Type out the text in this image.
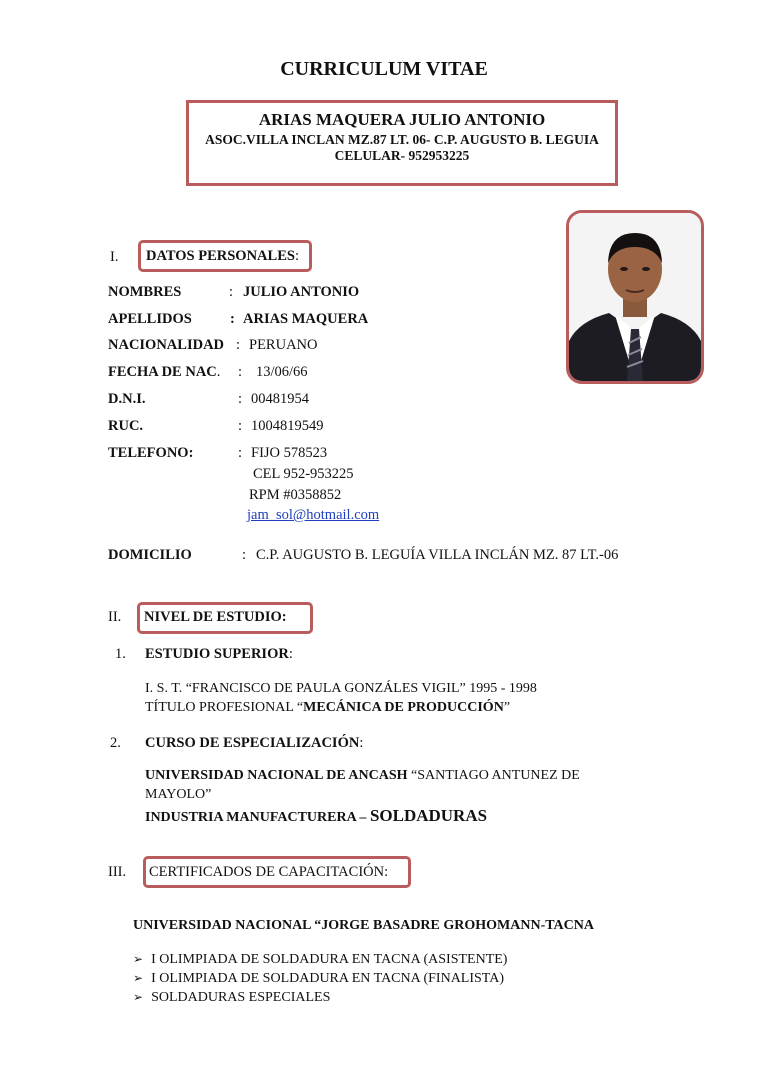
CURRICULUM VITAE
ARIAS MAQUERA JULIO ANTONIO
ASOC.VILLA INCLAN MZ.87 LT. 06- C.P. AUGUSTO B. LEGUIA
CELULAR- 952953225
I. DATOS PERSONALES:
NOMBRES	: JULIO ANTONIO
APELLIDOS	: ARIAS MAQUERA
NACIONALIDAD : PERUANO
FECHA DE NAC. : 13/06/66
D.N.I.	: 00481954
RUC.	: 1004819549
TELEFONO:	: FIJO 578523
CEL 952-953225
RPM #0358852
jam_sol@hotmail.com
DOMICILIO	: C.P. AUGUSTO B. LEGUÍA VILLA INCLÁN MZ. 87 LT.-06
II. NIVEL DE ESTUDIO:
1. ESTUDIO SUPERIOR:
I. S. T. “FRANCISCO DE PAULA GONZÁLES VIGIL” 1995 - 1998
TÍTULO PROFESIONAL “MECÁNICA DE PRODUCCIÓN”
2. CURSO DE ESPECIALIZACIÓN:
UNIVERSIDAD NACIONAL DE ANCASH “SANTIAGO ANTUNEZ DE
MAYOLO”
INDUSTRIA MANUFACTURERA – SOLDADURAS
III. CERTIFICADOS DE CAPACITACIÓN:
UNIVERSIDAD NACIONAL “JORGE BASADRE GROHOMANN-TACNA
➢ I OLIMPIADA DE SOLDADURA EN TACNA (ASISTENTE)
➢ I OLIMPIADA DE SOLDADURA EN TACNA (FINALISTA)
➢ SOLDADURAS ESPECIALES
